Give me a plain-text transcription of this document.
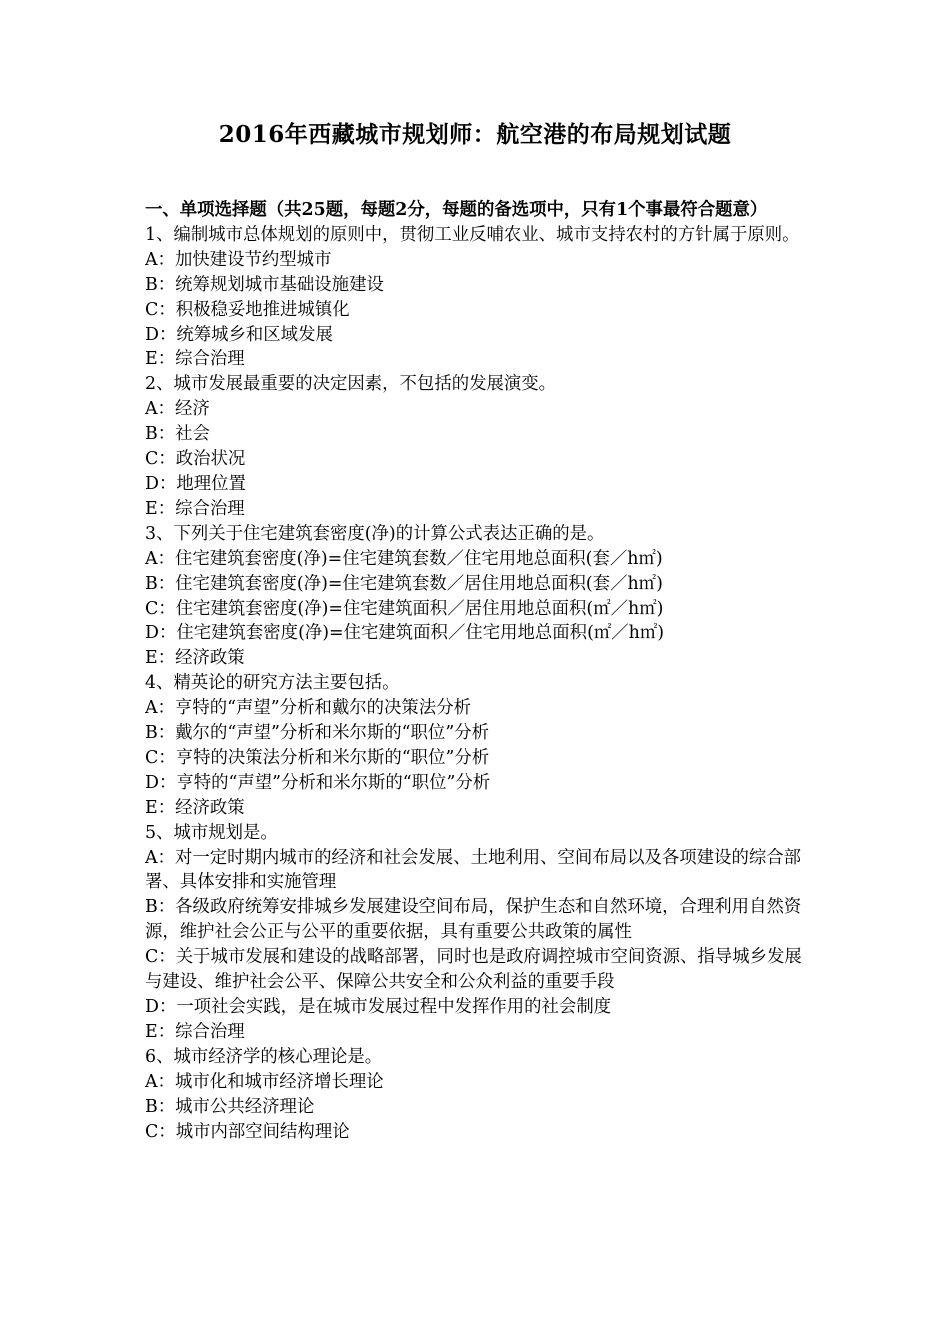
2016年西藏城市规划师：航空港的布局规划试题

一、单项选择题（共25题，每题2分，每题的备选项中，只有1个事最符合题意）

1、编制城市总体规划的原则中，贯彻工业反哺农业、城市支持农村的方针属于原则。

A：加快建设节约型城市

B：统筹规划城市基础设施建设

C：积极稳妥地推进城镇化

D：统筹城乡和区域发展

E：综合治理

2、城市发展最重要的决定因素，不包括的发展演变。

A：经济

B：社会

C：政治状况

D：地理位置

E：综合治理

3、下列关于住宅建筑套密度(净)的计算公式表达正确的是。

A：住宅建筑套密度(净)=住宅建筑套数／住宅用地总面积(套／h㎡)

B：住宅建筑套密度(净)=住宅建筑套数／居住用地总面积(套／h㎡)

C：住宅建筑套密度(净)=住宅建筑面积／居住用地总面积(㎡／h㎡)

D：住宅建筑套密度(净)=住宅建筑面积／住宅用地总面积(㎡／h㎡)

E：经济政策

4、精英论的研究方法主要包括。

A：亨特的“声望”分析和戴尔的决策法分析

B：戴尔的“声望”分析和米尔斯的“职位”分析

C：亨特的决策法分析和米尔斯的“职位”分析

D：亨特的“声望”分析和米尔斯的“职位”分析

E：经济政策

5、城市规划是。

A：对一定时期内城市的经济和社会发展、土地利用、空间布局以及各项建设的综合部署、具体安排和实施管理

B：各级政府统筹安排城乡发展建设空间布局，保护生态和自然环境，合理利用自然资源，维护社会公正与公平的重要依据，具有重要公共政策的属性

C：关于城市发展和建设的战略部署，同时也是政府调控城市空间资源、指导城乡发展与建设、维护社会公平、保障公共安全和公众利益的重要手段

D：一项社会实践，是在城市发展过程中发挥作用的社会制度

E：综合治理

6、城市经济学的核心理论是。

A：城市化和城市经济增长理论

B：城市公共经济理论

C：城市内部空间结构理论
